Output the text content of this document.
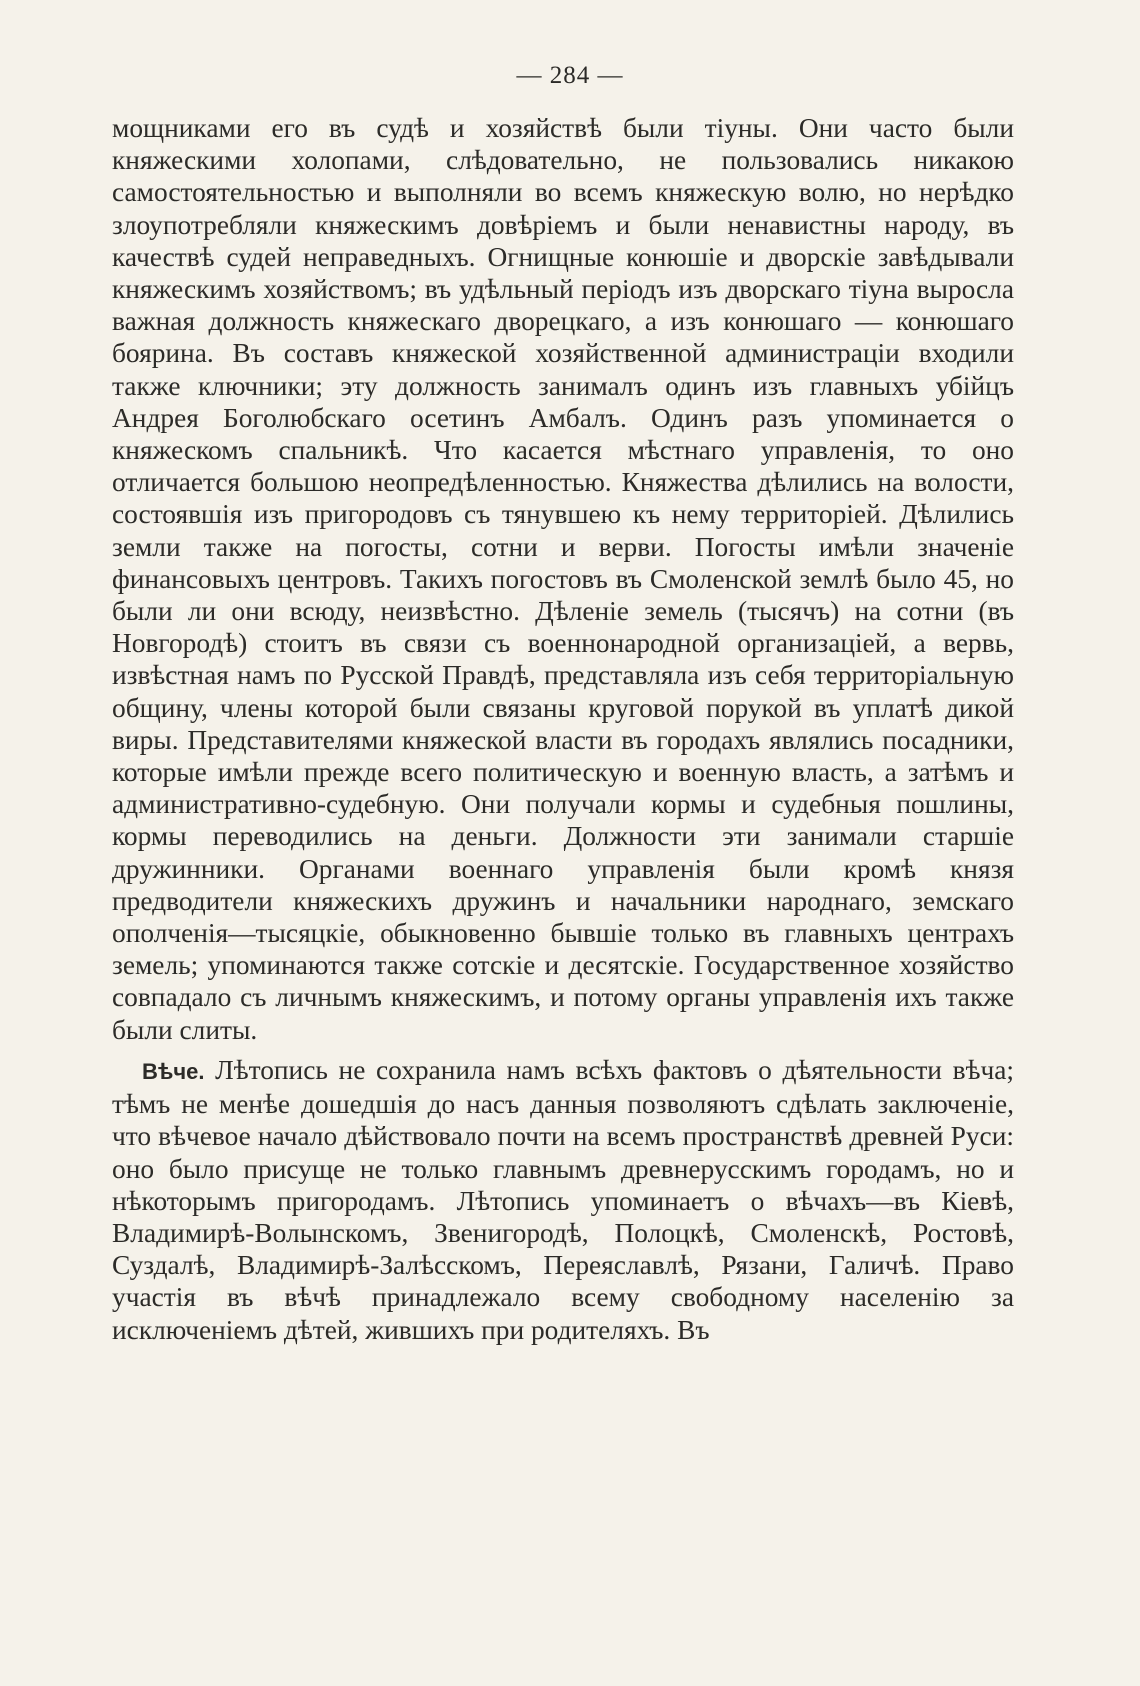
— 284 —

мощниками его въ судѣ и хозяйствѣ были тіуны. Они часто были княжескими холопами, слѣдовательно, не пользовались никакою самостоятельностью и выполняли во всемъ княжескую волю, но нерѣдко злоупотребляли княжескимъ довѣріемъ и были ненавистны народу, въ качествѣ судей неправедныхъ. Огнищные конюшіе и дворскіе завѣдывали княжескимъ хозяйствомъ; въ удѣльный періодъ изъ дворскаго тіуна выросла важная должность княжескаго дворецкаго, а изъ конюшаго — конюшаго боярина. Въ составъ княжеской хозяйственной администраціи входили также ключники; эту должность занималъ одинъ изъ главныхъ убійцъ Андрея Боголюбскаго осетинъ Амбалъ. Одинъ разъ упоминается о княжескомъ спальникѣ. Что касается мѣстнаго управленія, то оно отличается большою неопредѣленностью. Княжества дѣлились на волости, состоявшія изъ пригородовъ съ тянувшею къ нему территоріей. Дѣлились земли также на погосты, сотни и верви. Погосты имѣли значеніе финансовыхъ центровъ. Такихъ погостовъ въ Смоленской землѣ было 45, но были ли они всюду, неизвѣстно. Дѣленіе земель (тысячъ) на сотни (въ Новгородѣ) стоитъ въ связи съ военнонародной организаціей, а вервь, извѣстная намъ по Русской Правдѣ, представляла изъ себя территоріальную общину, члены которой были связаны круговой порукой въ уплатѣ дикой виры. Представителями княжеской власти въ городахъ являлись посадники, которые имѣли прежде всего политическую и военную власть, а затѣмъ и административно-судебную. Они получали кормы и судебныя пошлины, кормы переводились на деньги. Должности эти занимали старшіе дружинники. Органами военнаго управленія были кромѣ князя предводители княжескихъ дружинъ и начальники народнаго, земскаго ополченія—тысяцкіе, обыкновенно бывшіе только въ главныхъ центрахъ земель; упоминаются также сотскіе и десятскіе. Государственное хозяйство совпадало съ личнымъ княжескимъ, и потому органы управленія ихъ также были слиты.

Вѣче. Лѣтопись не сохранила намъ всѣхъ фактовъ о дѣятельности вѣча; тѣмъ не менѣе дошедшія до насъ данныя позволяютъ сдѣлать заключеніе, что вѣчевое начало дѣйствовало почти на всемъ пространствѣ древней Руси: оно было присуще не только главнымъ древнерусскимъ городамъ, но и нѣкоторымъ пригородамъ. Лѣтопись упоминаетъ о вѣчахъ—въ Кіевѣ, Владимирѣ-Волынскомъ, Звенигородѣ, Полоцкѣ, Смоленскѣ, Ростовѣ, Суздалѣ, Владимирѣ-Залѣсскомъ, Переяславлѣ, Рязани, Галичѣ. Право участія въ вѣчѣ принадлежало всему свободному населенію за исключеніемъ дѣтей, жившихъ при родителяхъ. Въ
